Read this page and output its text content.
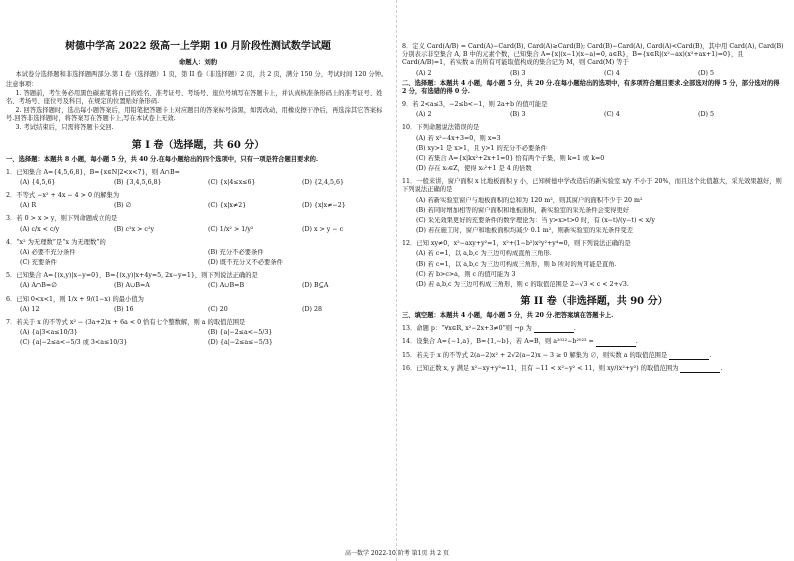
树德中学高 2022 级高一上学期 10 月阶段性测试数学试题
命题人：刘豹
本试卷分选择题和非选择题两部分.第 I 卷（选择题）1 页，第 II 卷（非选择题）2 页，共 2 页，满分 150 分，考试时间 120 分钟。
注意事项：
1. 答题前，考生务必用黑色碳素笔将自己的姓名、准考证号、考场号、座位号填写在答题卡上，并认真核准条形码上的准考证号、姓名、考场号、座位号及科目，在规定的位置贴好条形码.
2. 回答选择题时，选出每小题答案后，用铅笔把答题卡上对应题目的答案标号涂黑，如需改动，用橡皮擦干净后，再选涂其它答案标号.回答非选择题时，将答案写在答题卡上,写在本试卷上无效.
3. 考试结束后，只需将答题卡交回.
第 I 卷（选择题，共 60 分）
一、选择题：本题共 8 小题，每小题 5 分，共 40 分.在每小题给出的四个选项中，只有一项是符合题目要求的.
1．已知集合 A={4,5,6,8}，B={x∈N|2<x<7}，则 A∩B=
(A) {4,5,6}	(B) {3,4,5,6,8}	(C) {x|4≤x≤6}	(D) {2,4,5,6}
2．不等式 −x² + 4x − 4 > 0 的解集为
(A) R	(B) ∅	(C) {x|x≠2}	(D) {x|x≠−2}
3．若 0 > x > y，则下列命题成立的是
(A) c/x < c/y	(B) c²x > c²y	(C) 1/x² > 1/y²	(D) x > y − c
4．“x² 为无理数”是“x 为无理数”的
(A) 必要不充分条件	(B) 充分不必要条件
(C) 充要条件	(D) 既不充分又不必要条件
5．已知集合 A={(x,y)|x−y=0}，B={(x,y)|x+4y=5, 2x−y=1}，则下列说法正确的是
(A) A∩B=∅	(B) A∪B=A	(C) A∪B=B	(D) B⊆A
6．已知 0<x<1，则 1/x + 9/(1−x) 的最小值为
(A) 12	(B) 16	(C) 20	(D) 28
7．若关于 x 的不等式 x² − (3a+2)x + 6a < 0 恰有七个整数解，则 a 的取值范围是
(A) {a|3<a≤10/3}	(B) {a|−2≤a<−5/3}
(C) {a|−2≤a<−5/3 或 3<a≤10/3}	(D) {a|−2≤a≤−5/3}
8．定义 Card(A/B) = Card(A)−Card(B), Card(A)≥Card(B); Card(B)−Card(A), Card(A)<Card(B)，其中用 Card(A), Card(B) 分别表示非空集合 A, B 中的元素个数，已知集合 A={x|(x−1)(x−a)=0, a∈R}，B={x∈R|(x²−ax)(x²+ax+1)=0}，且 Card(A/B)=1，若实数 a 的所有可能取值构成的集合记为 M，则 Card(M) 等于
(A) 2	(B) 3	(C) 4	(D) 5
二、选择题：本题共 4 小题，每小题 5 分，共 20 分.在每小题给出的选项中，有多项符合题目要求.全部选对的得 5 分，部分选对的得 2 分，有选错的得 0 分.
9．若 2<a≤3，−2≤b<−1，则 2a+b 的值可能是
(A) 2	(B) 3	(C) 4	(D) 5
10．下列命题说法错误的是
(A) 若 x²−4x+3=0，则 x=3
(B) xy>1 是 x>1，且 y>1 的充分不必要条件
(C) 若集合 A={x|kx²+2x+1=0} 恰有两个子集，则 k=1 或 k=0
(D) 存在 x₀∈Z，使得 x₀²+1 是 4 的倍数
11．一般来讲，窗户面积 x 比地板面积 y 小，已知树德中学改造后的新实验室 x/y 不小于 20%，而且这个比值越大，采光效果越好，则下列说法正确的是
(A) 若新实验室窗户与地板面积的总和为 120 m²，则其窗户的面积不少于 20 m²
(B) 若同时增加相等的窗户面积和地板面积，新实验室的采光条件会变得更好
(C) 采光效果更好的充要条件的数学理论为：当 y>x>t>0 时，有 (x−t)/(y−t) < x/y
(D) 若在施工时，窗户和地板面积均减少 0.1 m²，则新实验室的采光条件变差
12．已知 xy≠0，x²−axy+y²=1，x²+(1−b²)x²y²+y⁴=0，则下列说法正确的是
(A) 若 c=1，以 a,b,c 为三边可构成直角三角形.
(B) 若 c=1，以 a,b,c 为三边可构成三角形，则 b 所对的角可能是直角.
(C) 若 b>c>a，则 c 的值可能为 3
(D) 若 a,b,c 为三边可构成三角形，则 c 的取值范围是 2−√3 < c < 2+√3.
第 II 卷（非选择题，共 90 分）
三、填空题：本题共 4 小题，每小题 5 分，共 20 分.把答案填在答题卡上.
13．命题 p：“∀x∈R, x²−2x+3≠0”则 ¬p 为	.
14．设集合 A={−1,a}，B={1,−b}，若 A=B，则 a²⁰²²−b²⁰²³ =	.
15．若关于 x 的不等式 2(a−2)x² + 2√2(a−2)x − 3 ≥ 0 解集为 ∅，则实数 a 的取值范围是	.
16．已知正数 x, y 满足 x²−xy+y²=11，且有 −11 < x²−y² < 11，则 xy/(x²+y²) 的取值范围为	.
高一数学 2022-10 阶考 第1页 共 2 页
